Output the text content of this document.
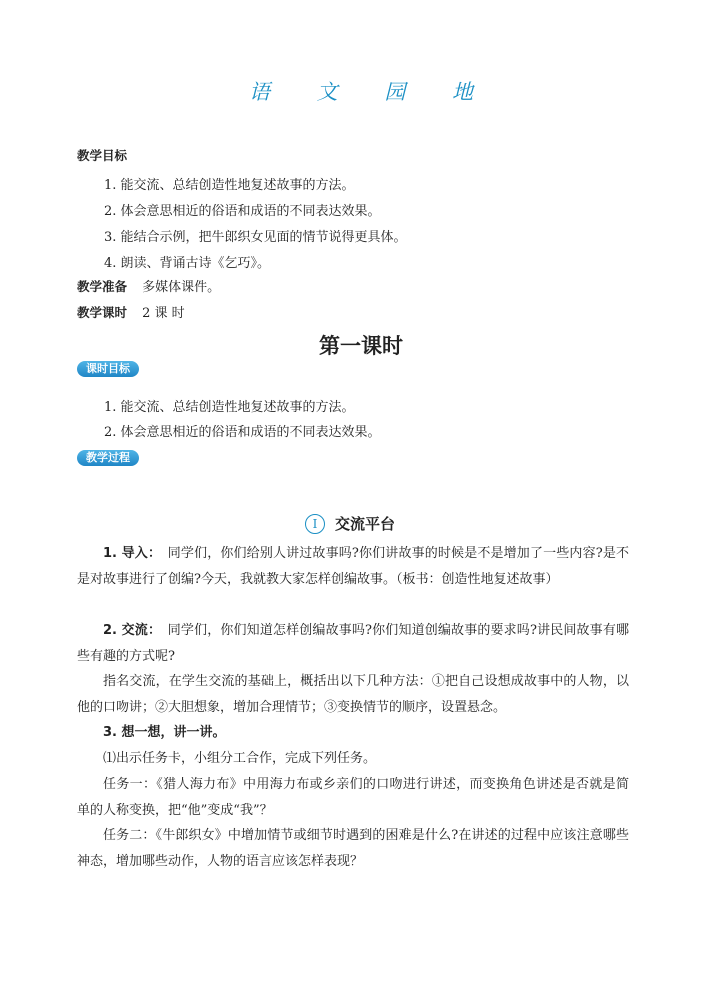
语 文 园 地
教学目标
1. 能交流、总结创造性地复述故事的方法。
2. 体会意思相近的俗语和成语的不同表达效果。
3. 能结合示例，把牛郎织女见面的情节说得更具体。
4. 朗读、背诵古诗《乞巧》。
教学准备 多媒体课件。
教学课时 2 课 时
第一课时
课时目标
1. 能交流、总结创造性地复述故事的方法。
2. 体会意思相近的俗语和成语的不同表达效果。
教学过程
I	交流平台
1. 导入：　 同学们，你们给别人讲过故事吗?你们讲故事的时候是不是增加了一些内容?是不是对故事进行了创编?今天，我就教大家怎样创编故事。（板书：创造性地复述故事）
2. 交流：　 同学们，你们知道怎样创编故事吗?你们知道创编故事的要求吗?讲民间故事有哪些有趣的方式呢?
指名交流，在学生交流的基础上，概括出以下几种方法：①把自己设想成故事中的人物，以他的口吻讲；②大胆想象，增加合理情节；③变换情节的顺序，设置悬念。
3. 想一想，讲一讲。
⑴出示任务卡，小组分工合作，完成下列任务。
任务一：《猎人海力布》中用海力布或乡亲们的口吻进行讲述，而变换角色讲述是否就是简单的人称变换，把“他”变成“我”？
任务二：《牛郎织女》中增加情节或细节时遇到的困难是什么?在讲述的过程中应该注意哪些神态，增加哪些动作，人物的语言应该怎样表现？
